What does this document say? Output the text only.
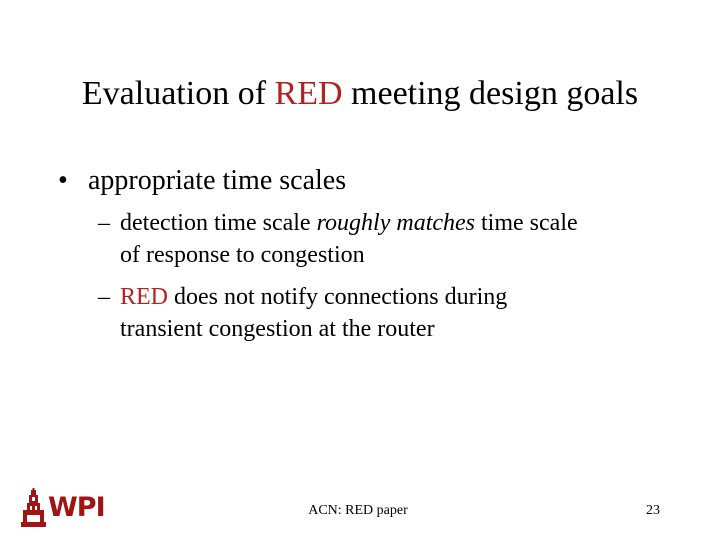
Evaluation of RED meeting design goals
• appropriate time scales
– detection time scale roughly matches time scale
of response to congestion
– RED does not notify connections during
transient congestion at the router
WPI	ACN: RED paper	23
